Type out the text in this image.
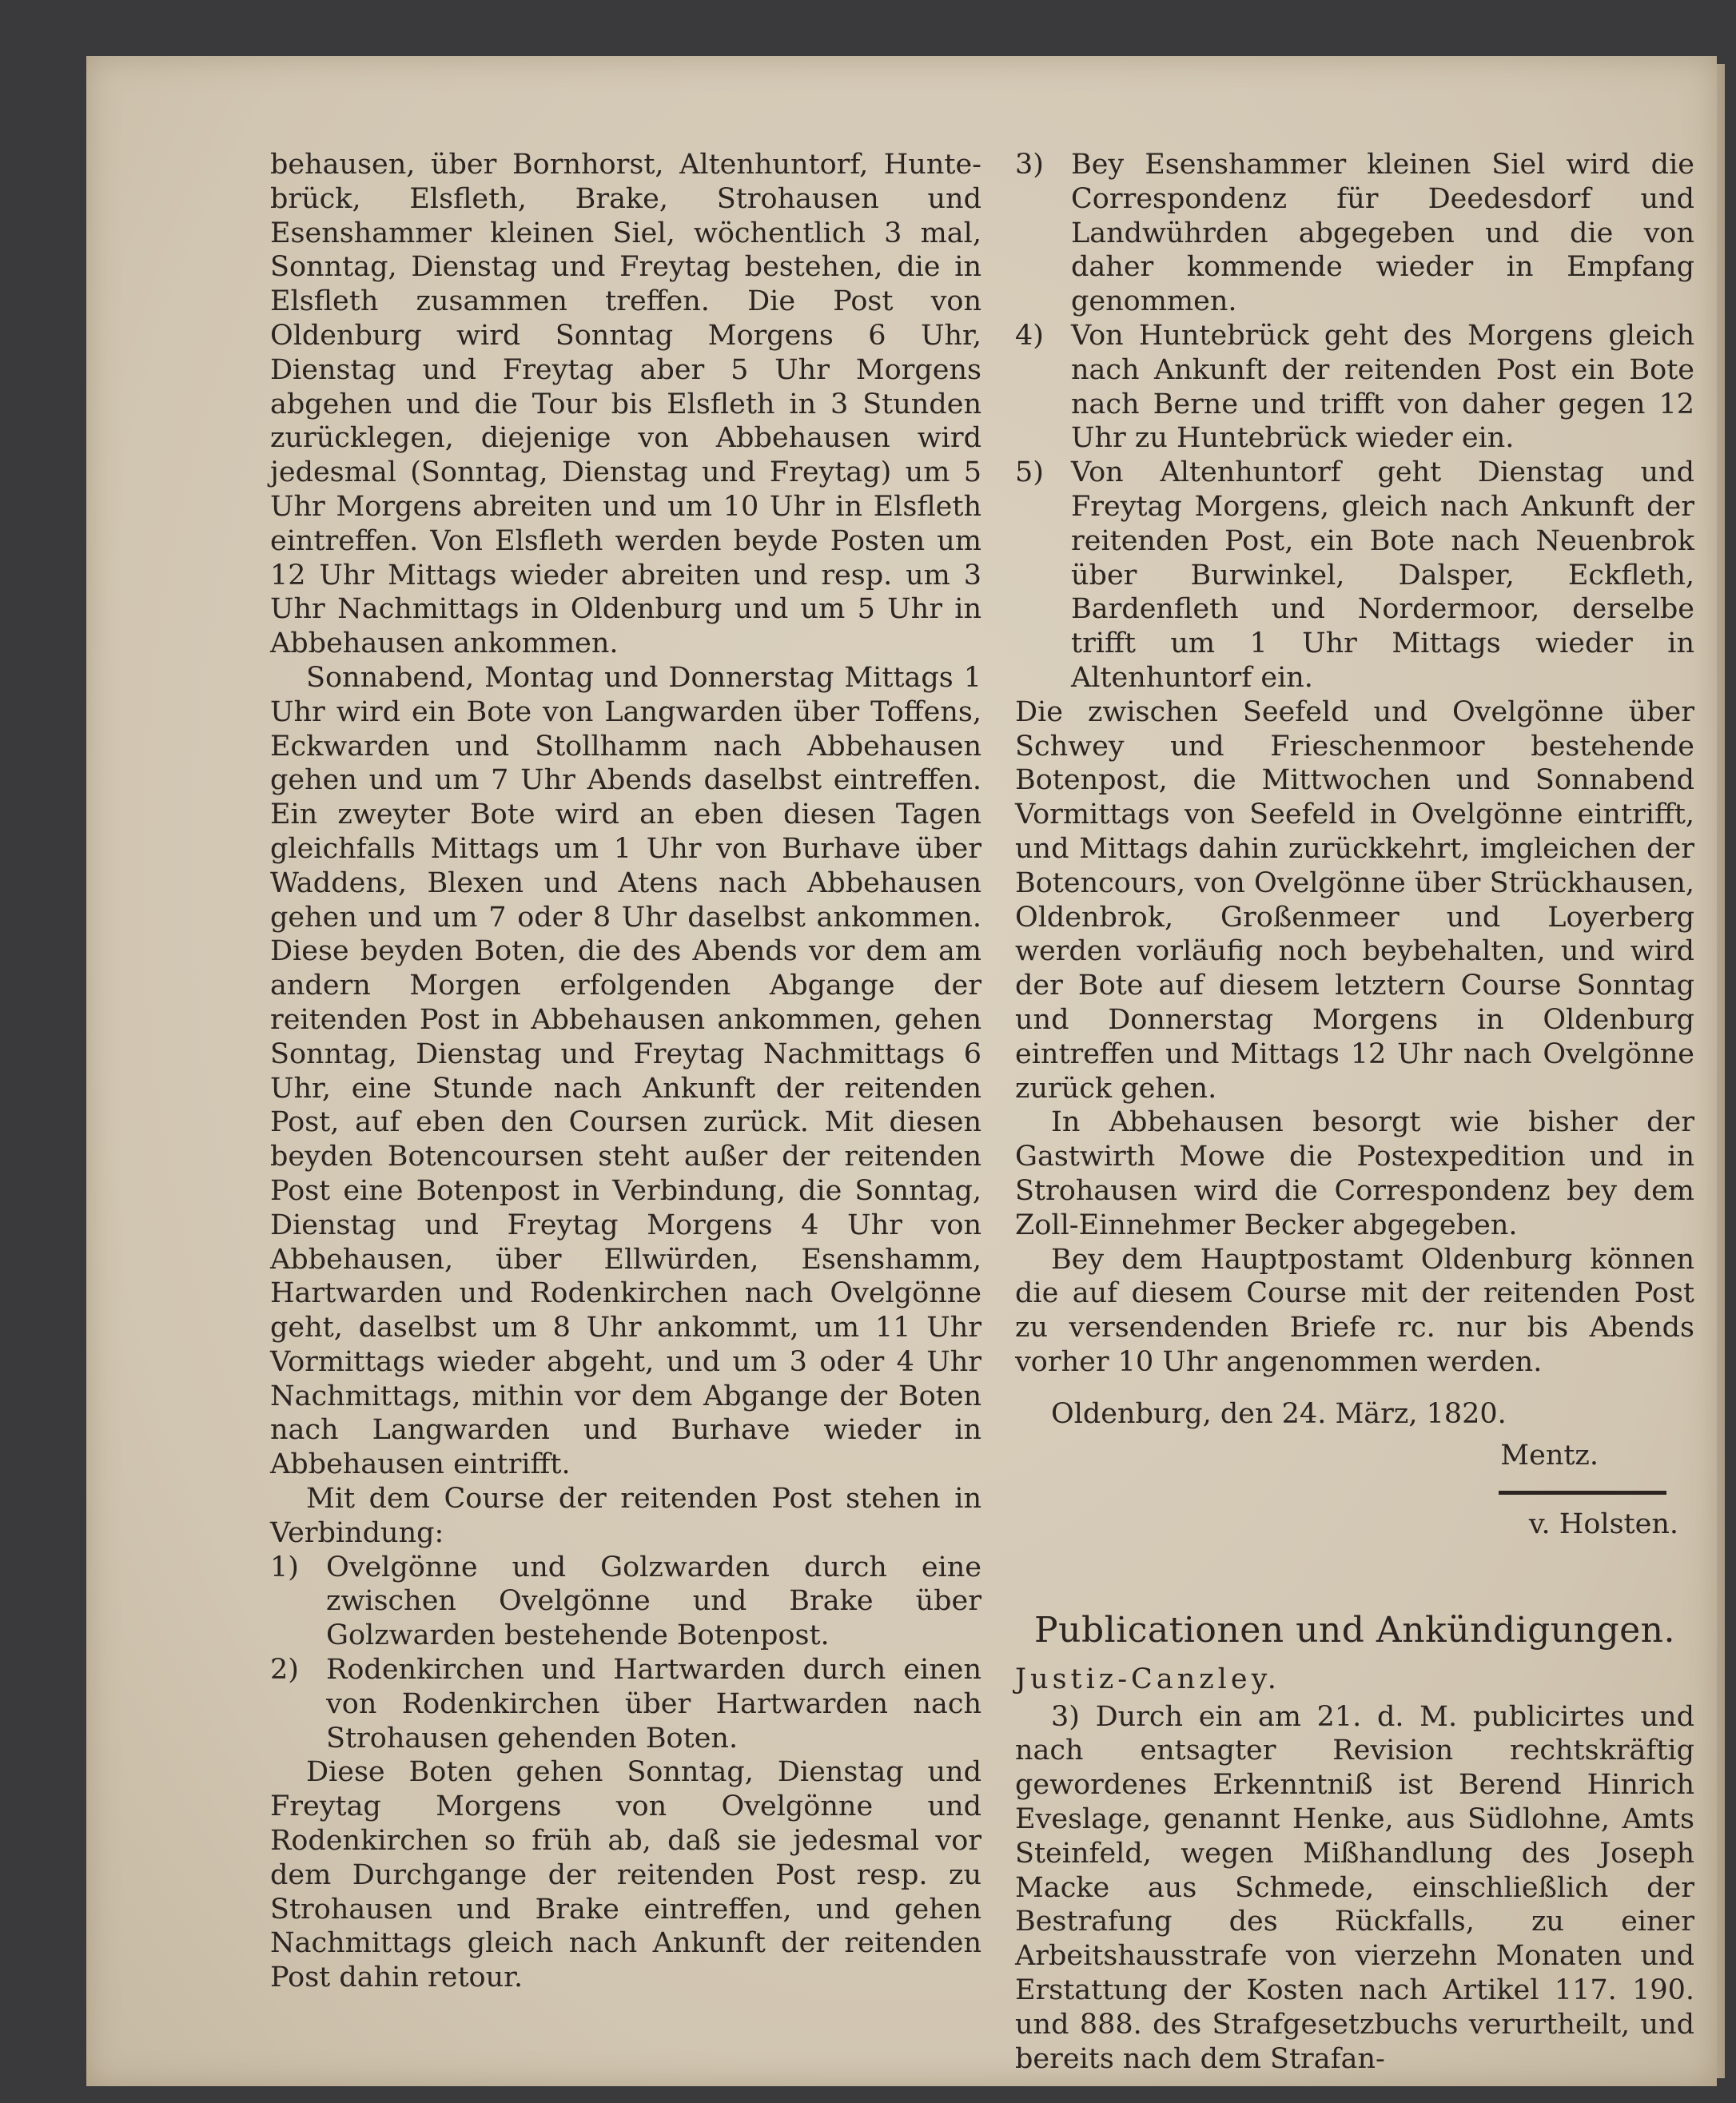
behausen, über Bornhorst, Altenhuntorf, Hunte-brück, Elsfleth, Brake, Strohausen und Esenshammer kleinen Siel, wöchentlich 3 mal, Sonntag, Dienstag und Freytag bestehen, die in Elsfleth zusammen treffen. Die Post von Oldenburg wird Sonntag Morgens 6 Uhr, Dienstag und Freytag aber 5 Uhr Morgens abgehen und die Tour bis Elsfleth in 3 Stunden zurücklegen, diejenige von Abbehausen wird jedesmal (Sonntag, Dienstag und Freytag) um 5 Uhr Morgens abreiten und um 10 Uhr in Elsfleth eintreffen. Von Elsfleth werden beyde Posten um 12 Uhr Mittags wieder abreiten und resp. um 3 Uhr Nachmittags in Oldenburg und um 5 Uhr in Abbehausen ankommen.

Sonnabend, Montag und Donnerstag Mittags 1 Uhr wird ein Bote von Langwarden über Toffens, Eckwarden und Stollhamm nach Abbehausen gehen und um 7 Uhr Abends daselbst eintreffen. Ein zweyter Bote wird an eben diesen Tagen gleichfalls Mittags um 1 Uhr von Burhave über Waddens, Blexen und Atens nach Abbehausen gehen und um 7 oder 8 Uhr daselbst ankommen. Diese beyden Boten, die des Abends vor dem am andern Morgen erfolgenden Abgange der reitenden Post in Abbehausen ankommen, gehen Sonntag, Dienstag und Freytag Nachmittags 6 Uhr, eine Stunde nach Ankunft der reitenden Post, auf eben den Coursen zurück. Mit diesen beyden Botencoursen steht außer der reitenden Post eine Botenpost in Verbindung, die Sonntag, Dienstag und Freytag Morgens 4 Uhr von Abbehausen, über Ellwürden, Esenshamm, Hartwarden und Rodenkirchen nach Ovelgönne geht, daselbst um 8 Uhr ankommt, um 11 Uhr Vormittags wieder abgeht, und um 3 oder 4 Uhr Nachmittags, mithin vor dem Abgange der Boten nach Langwarden und Burhave wieder in Abbehausen eintrifft.

Mit dem Course der reitenden Post stehen in Verbindung:

1) Ovelgönne und Golzwarden durch eine zwischen Ovelgönne und Brake über Golzwarden bestehende Botenpost.

2) Rodenkirchen und Hartwarden durch einen von Rodenkirchen über Hartwarden nach Strohausen gehenden Boten.

Diese Boten gehen Sonntag, Dienstag und Freytag Morgens von Ovelgönne und Rodenkirchen so früh ab, daß sie jedesmal vor dem Durchgange der reitenden Post resp. zu Strohausen und Brake eintreffen, und gehen Nachmittags gleich nach Ankunft der reitenden Post dahin retour.

3) Bey Esenshammer kleinen Siel wird die Correspondenz für Deedesdorf und Landwührden abgegeben und die von daher kommende wieder in Empfang genommen.

4) Von Huntebrück geht des Morgens gleich nach Ankunft der reitenden Post ein Bote nach Berne und trifft von daher gegen 12 Uhr zu Huntebrück wieder ein.

5) Von Altenhuntorf geht Dienstag und Freytag Morgens, gleich nach Ankunft der reitenden Post, ein Bote nach Neuenbrok über Burwinkel, Dalsper, Eckfleth, Bardenfleth und Nordermoor, derselbe trifft um 1 Uhr Mittags wieder in Altenhuntorf ein.

Die zwischen Seefeld und Ovelgönne über Schwey und Frieschenmoor bestehende Botenpost, die Mittwochen und Sonnabend Vormittags von Seefeld in Ovelgönne eintrifft, und Mittags dahin zurückkehrt, imgleichen der Botencours, von Ovelgönne über Strückhausen, Oldenbrok, Großenmeer und Loyerberg werden vorläufig noch beybehalten, und wird der Bote auf diesem letztern Course Sonntag und Donnerstag Morgens in Oldenburg eintreffen und Mittags 12 Uhr nach Ovelgönne zurück gehen.

In Abbehausen besorgt wie bisher der Gastwirth Mowe die Postexpedition und in Strohausen wird die Correspondenz bey dem Zoll-Einnehmer Becker abgegeben.

Bey dem Hauptpostamt Oldenburg können die auf diesem Course mit der reitenden Post zu versendenden Briefe rc. nur bis Abends vorher 10 Uhr angenommen werden.

Oldenburg, den 24. März, 1820.

Mentz.

v. Holsten.

Publicationen und Ankündigungen.

Justiz-Canzley.

3) Durch ein am 21. d. M. publicirtes und nach entsagter Revision rechtskräftig gewordenes Erkenntniß ist Berend Hinrich Eveslage, genannt Henke, aus Südlohne, Amts Steinfeld, wegen Mißhandlung des Joseph Macke aus Schmede, einschließlich der Bestrafung des Rückfalls, zu einer Arbeitshausstrafe von vierzehn Monaten und Erstattung der Kosten nach Artikel 117. 190. und 888. des Strafgesetzbuchs verurtheilt, und bereits nach dem Strafan-
